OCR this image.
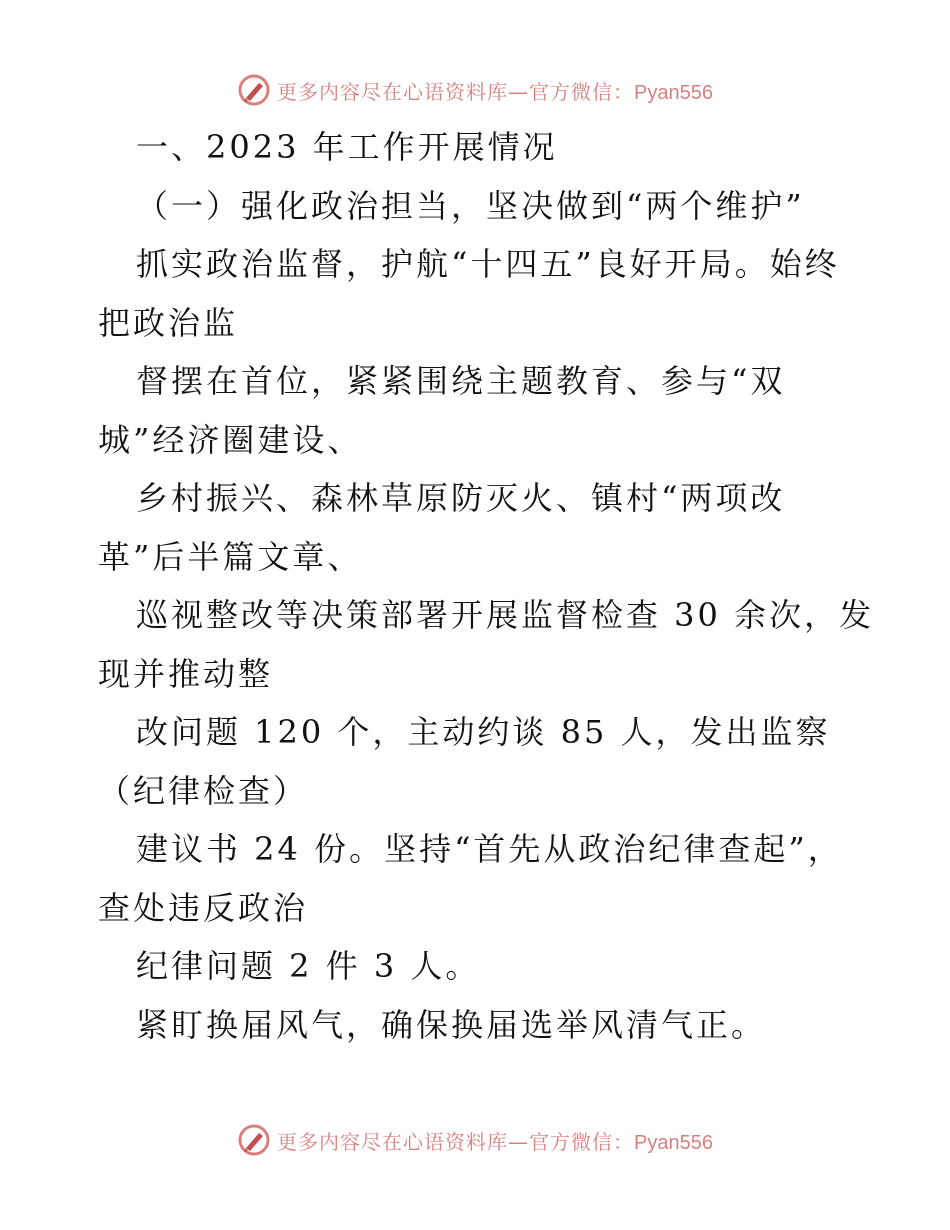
更多内容尽在心语资料库—官方微信：Pyan556
一、2023 年工作开展情况
（一）强化政治担当，坚决做到“两个维护”
抓实政治监督，护航“十四五”良好开局。始终
把政治监
督摆在首位，紧紧围绕主题教育、参与“双
城”经济圈建设、
乡村振兴、森林草原防灭火、镇村“两项改
革”后半篇文章、
巡视整改等决策部署开展监督检查 30 余次，发
现并推动整
改问题 120 个，主动约谈 85 人，发出监察
（纪律检查）
建议书 24 份。坚持“首先从政治纪律查起”，
查处违反政治
纪律问题 2 件 3 人。
紧盯换届风气，确保换届选举风清气正。
更多内容尽在心语资料库—官方微信：Pyan556
